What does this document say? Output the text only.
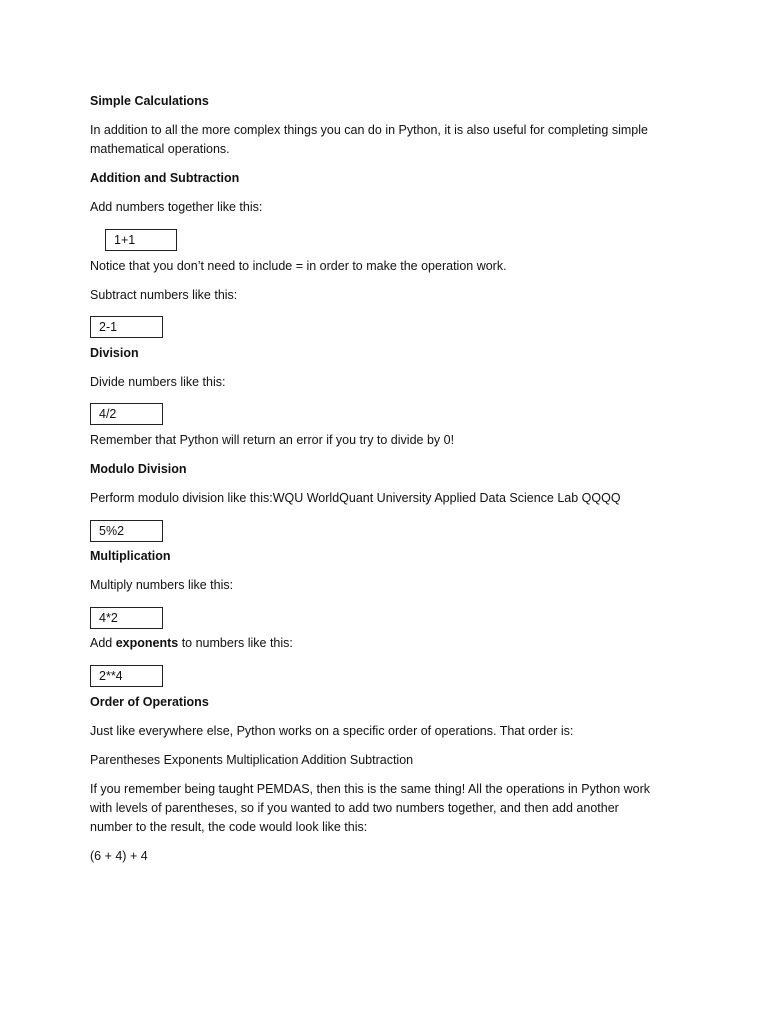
Simple Calculations

In addition to all the more complex things you can do in Python, it is also useful for completing simple

mathematical operations.

Addition and Subtraction

Add numbers together like this:

1+1

Notice that you don’t need to include = in order to make the operation work.

Subtract numbers like this:

2-1

Division

Divide numbers like this:

4/2

Remember that Python will return an error if you try to divide by 0!

Modulo Division

Perform modulo division like this:WQU WorldQuant University Applied Data Science Lab QQQQ

5%2

Multiplication

Multiply numbers like this:

4*2

Add exponents to numbers like this:

2**4

Order of Operations

Just like everywhere else, Python works on a specific order of operations. That order is:

Parentheses Exponents Multiplication Addition Subtraction

If you remember being taught PEMDAS, then this is the same thing! All the operations in Python work

with levels of parentheses, so if you wanted to add two numbers together, and then add another

number to the result, the code would look like this:

(6 + 4) + 4
